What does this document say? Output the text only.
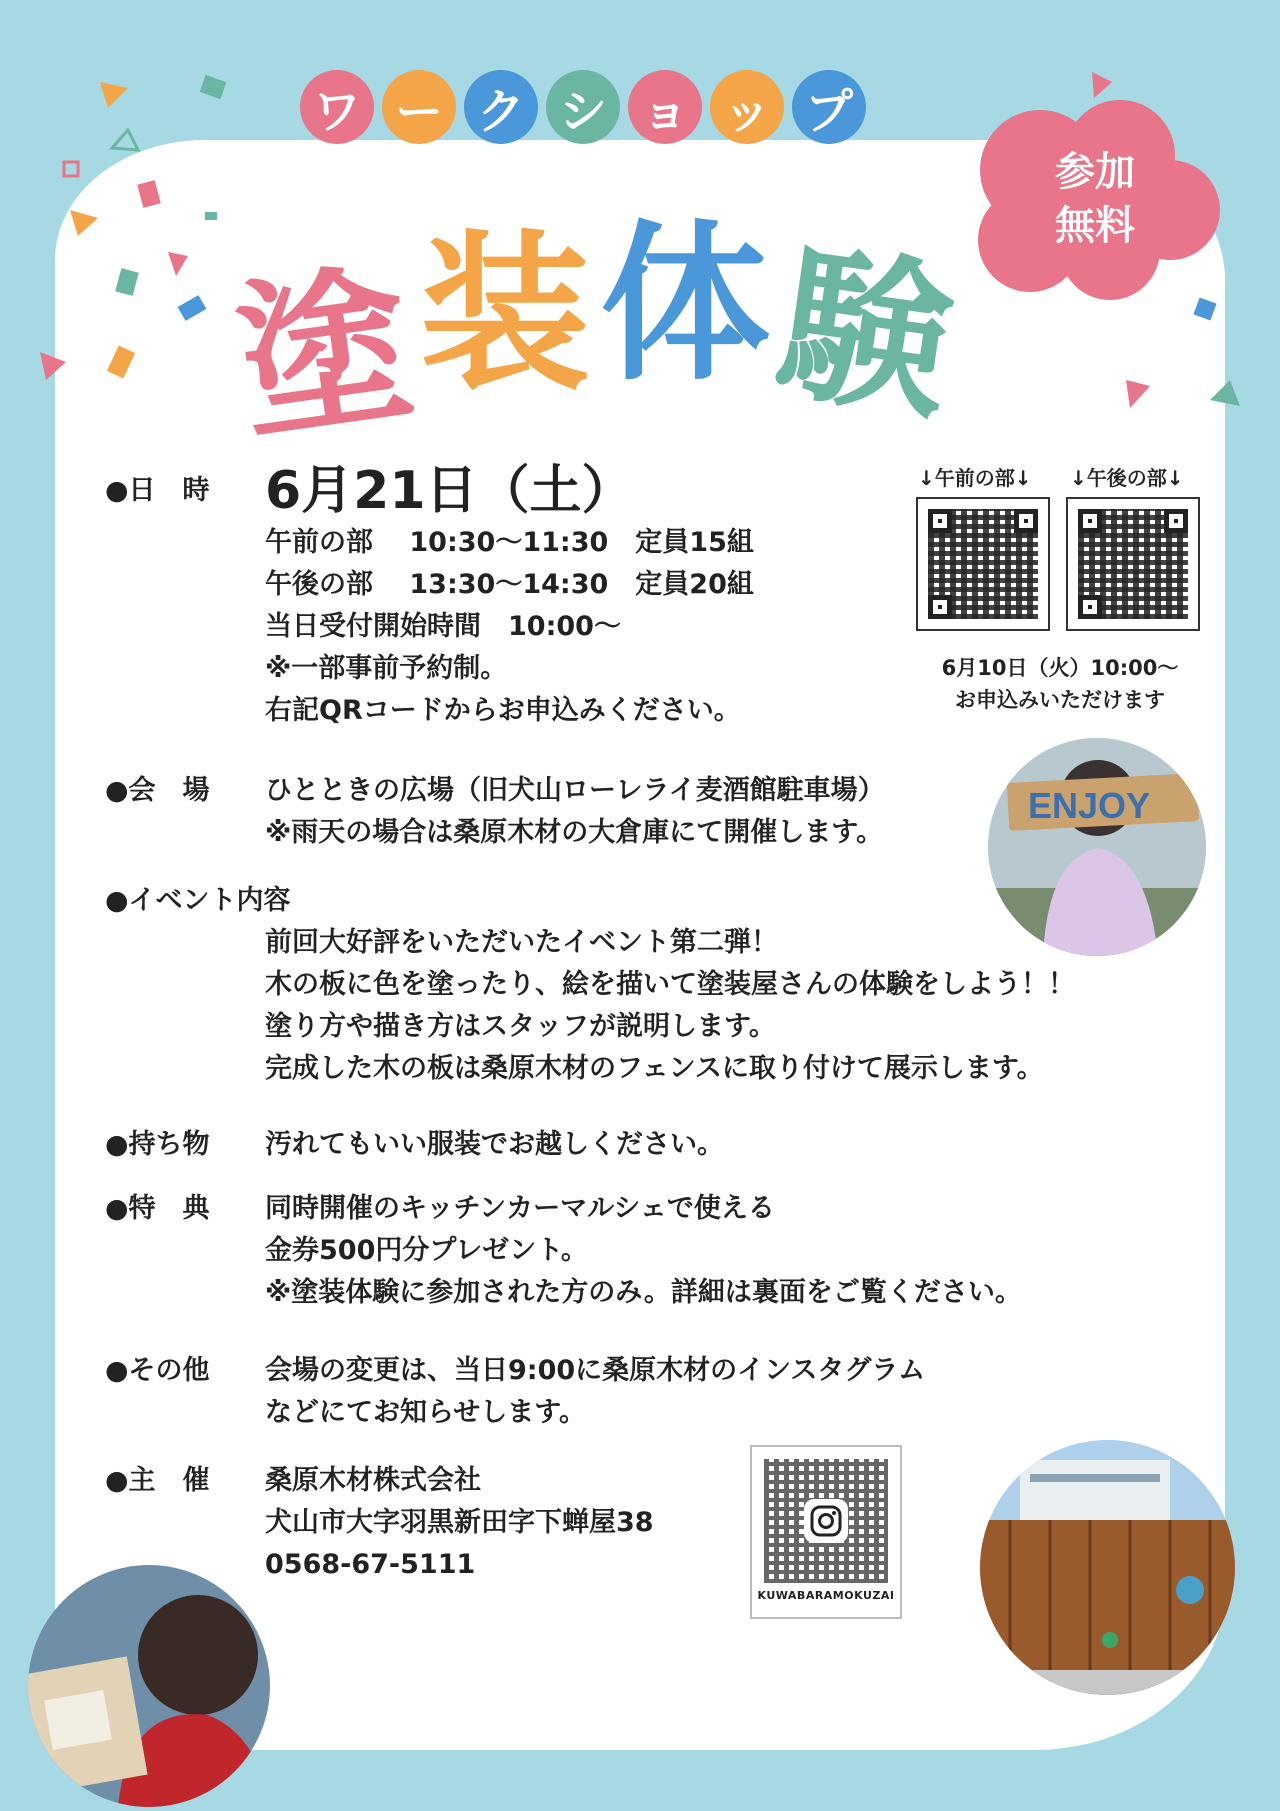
ワ ー ク シ ョ ッ プ
参加
無料
塗
装 体
験
↓午前の部↓ ↓午後の部↓
6月10日（火）10:00〜
お申込みいただけます
●日　時 6月21日（土）
午前の部　 10:30〜11:30　定員15組
午後の部　 13:30〜14:30　定員20組
当日受付開始時間　10:00〜
※一部事前予約制。
右記QRコードからお申込みください。
●会　場 ひとときの広場（旧犬山ローレライ麦酒館駐車場）
※雨天の場合は桑原木材の大倉庫にて開催します。
●イベント内容
前回大好評をいただいたイベント第二弾！
木の板に色を塗ったり、絵を描いて塗装屋さんの体験をしよう！！
塗り方や描き方はスタッフが説明します。
完成した木の板は桑原木材のフェンスに取り付けて展示します。
●持ち物 汚れてもいい服装でお越しください。
●特　典 同時開催のキッチンカーマルシェで使える
金券500円分プレゼント。
※塗装体験に参加された方のみ。詳細は裏面をご覧ください。
●その他 会場の変更は、当日9:00に桑原木材のインスタグラム
などにてお知らせします。
●主　催 桑原木材株式会社
犬山市大字羽黒新田字下蝉屋38
0568-67-5111
KUWABARAMOKUZAI
ENJOY
